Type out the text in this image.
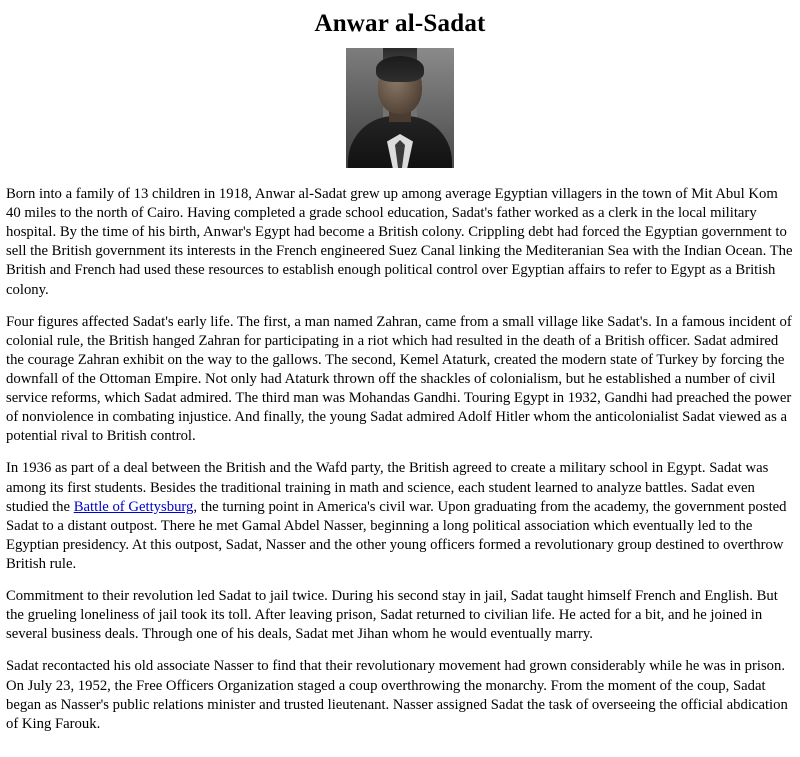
Anwar al-Sadat

Born into a family of 13 children in 1918, Anwar al-Sadat grew up among average Egyptian villagers in the town of Mit Abul Kom 40 miles to the north of Cairo. Having completed a grade school education, Sadat's father worked as a clerk in the local military hospital. By the time of his birth, Anwar's Egypt had become a British colony. Crippling debt had forced the Egyptian government to sell the British government its interests in the French engineered Suez Canal linking the Mediteranian Sea with the Indian Ocean. The British and French had used these resources to establish enough political control over Egyptian affairs to refer to Egypt as a British colony.

Four figures affected Sadat's early life. The first, a man named Zahran, came from a small village like Sadat's. In a famous incident of colonial rule, the British hanged Zahran for participating in a riot which had resulted in the death of a British officer. Sadat admired the courage Zahran exhibit on the way to the gallows. The second, Kemel Ataturk, created the modern state of Turkey by forcing the downfall of the Ottoman Empire. Not only had Ataturk thrown off the shackles of colonialism, but he established a number of civil service reforms, which Sadat admired. The third man was Mohandas Gandhi. Touring Egypt in 1932, Gandhi had preached the power of nonviolence in combating injustice. And finally, the young Sadat admired Adolf Hitler whom the anticolonialist Sadat viewed as a potential rival to British control.

In 1936 as part of a deal between the British and the Wafd party, the British agreed to create a military school in Egypt. Sadat was among its first students. Besides the traditional training in math and science, each student learned to analyze battles. Sadat even studied the Battle of Gettysburg, the turning point in America's civil war. Upon graduating from the academy, the government posted Sadat to a distant outpost. There he met Gamal Abdel Nasser, beginning a long political association which eventually led to the Egyptian presidency. At this outpost, Sadat, Nasser and the other young officers formed a revolutionary group destined to overthrow British rule.

Commitment to their revolution led Sadat to jail twice. During his second stay in jail, Sadat taught himself French and English. But the grueling loneliness of jail took its toll. After leaving prison, Sadat returned to civilian life. He acted for a bit, and he joined in several business deals. Through one of his deals, Sadat met Jihan whom he would eventually marry.

Sadat recontacted his old associate Nasser to find that their revolutionary movement had grown considerably while he was in prison. On July 23, 1952, the Free Officers Organization staged a coup overthrowing the monarchy. From the moment of the coup, Sadat began as Nasser's public relations minister and trusted lieutenant. Nasser assigned Sadat the task of overseeing the official abdication of King Farouk.
